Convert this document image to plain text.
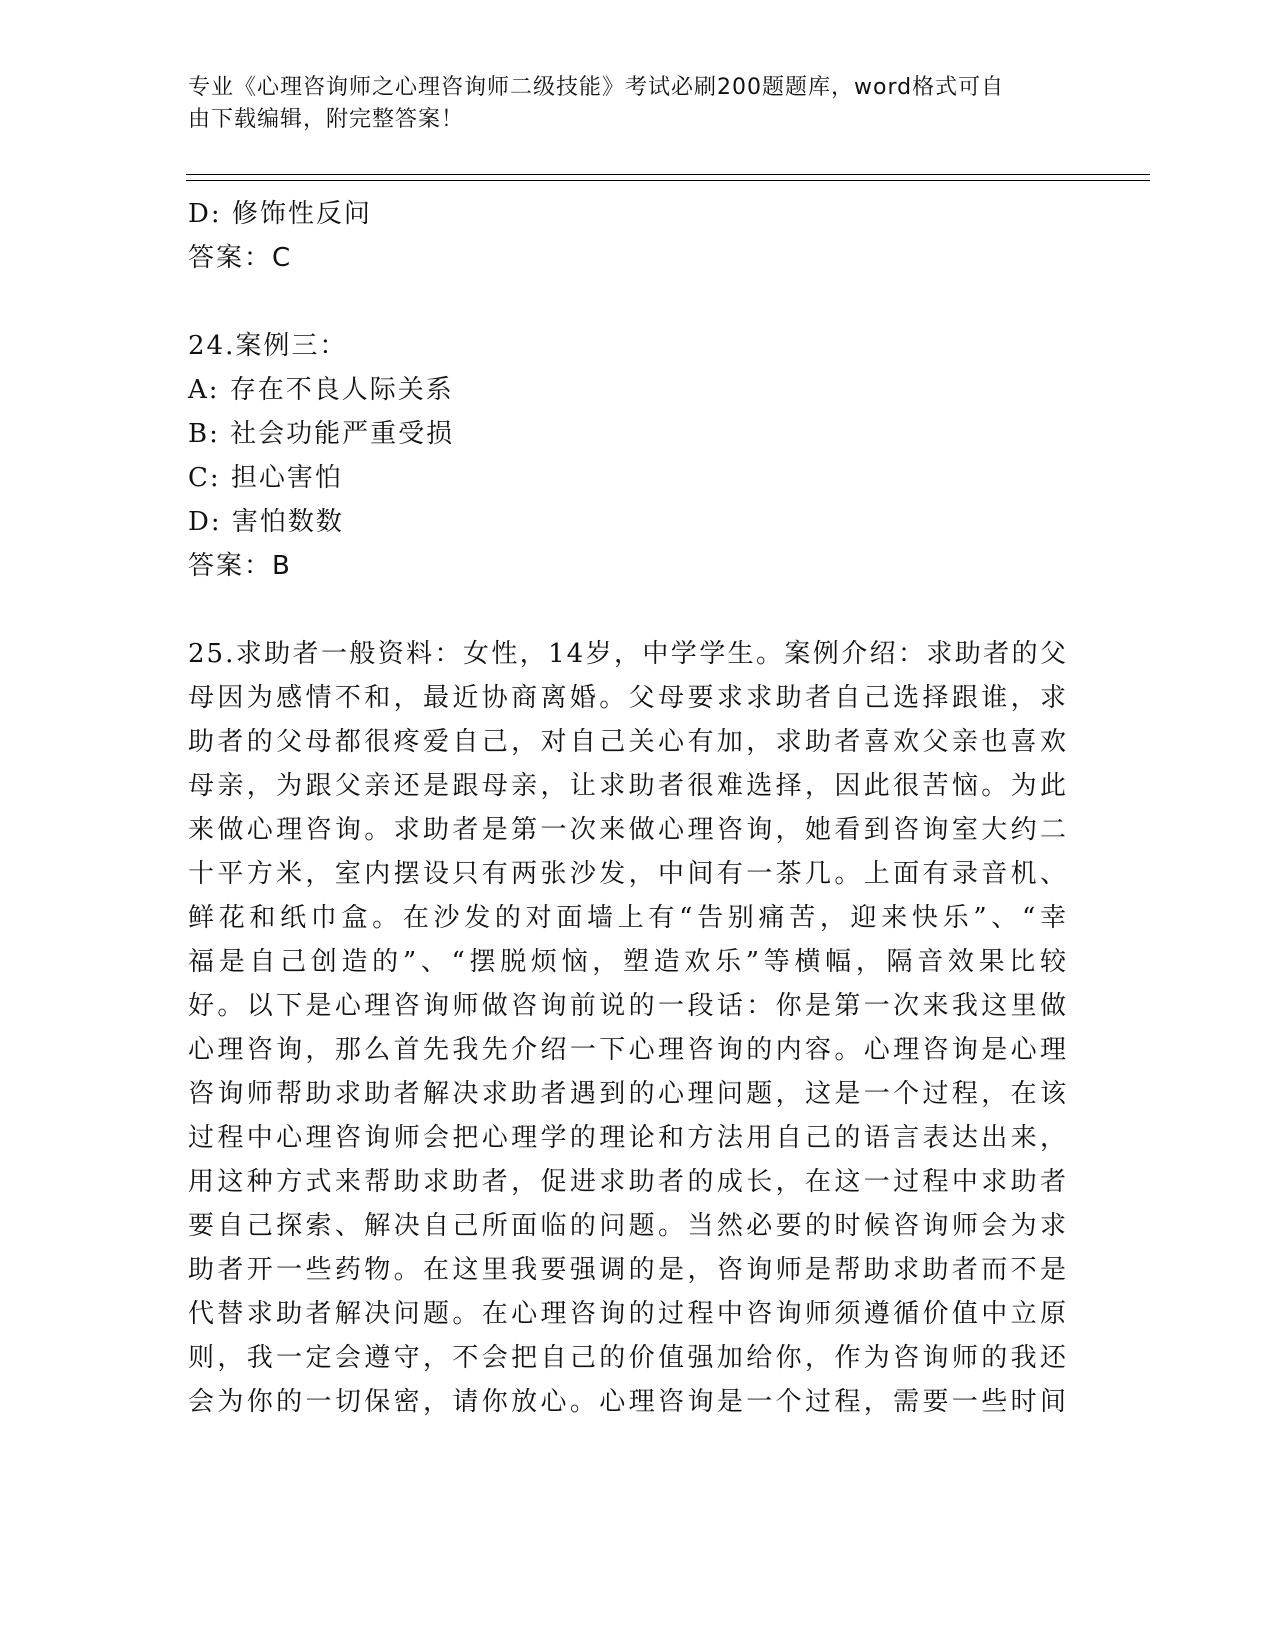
专业《心理咨询师之心理咨询师二级技能》考试必刷200题题库，word格式可自
由下载编辑，附完整答案！
D: 修饰性反问
答案：C
24.案例三：
A: 存在不良人际关系
B: 社会功能严重受损
C: 担心害怕
D: 害怕数数
答案：B
25.求助者一般资料：女性，14岁，中学学生。案例介绍：求助者的父
母因为感情不和，最近协商离婚。父母要求求助者自己选择跟谁，求
助者的父母都很疼爱自己，对自己关心有加，求助者喜欢父亲也喜欢
母亲，为跟父亲还是跟母亲，让求助者很难选择，因此很苦恼。为此
来做心理咨询。求助者是第一次来做心理咨询，她看到咨询室大约二
十平方米，室内摆设只有两张沙发，中间有一茶几。上面有录音机、
鲜花和纸巾盒。在沙发的对面墙上有“告别痛苦，迎来快乐”、“幸
福是自己创造的”、“摆脱烦恼，塑造欢乐”等横幅，隔音效果比较
好。以下是心理咨询师做咨询前说的一段话：你是第一次来我这里做
心理咨询，那么首先我先介绍一下心理咨询的内容。心理咨询是心理
咨询师帮助求助者解决求助者遇到的心理问题，这是一个过程，在该
过程中心理咨询师会把心理学的理论和方法用自己的语言表达出来，
用这种方式来帮助求助者，促进求助者的成长，在这一过程中求助者
要自己探索、解决自己所面临的问题。当然必要的时候咨询师会为求
助者开一些药物。在这里我要强调的是，咨询师是帮助求助者而不是
代替求助者解决问题。在心理咨询的过程中咨询师须遵循价值中立原
则，我一定会遵守，不会把自己的价值强加给你，作为咨询师的我还
会为你的一切保密，请你放心。心理咨询是一个过程，需要一些时间
